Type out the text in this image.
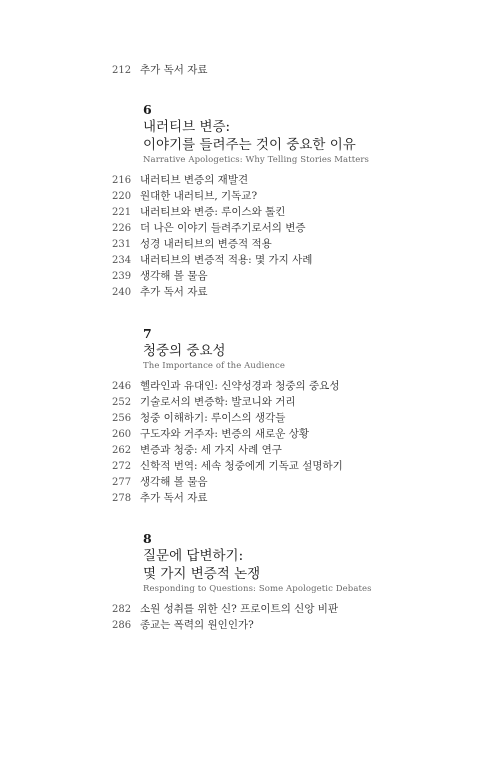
212 추가 독서 자료
6
내러티브 변증:
이야기를 들려주는 것이 중요한 이유
Narrative Apologetics: Why Telling Stories Matters
216 내러티브 변증의 재발견
220 원대한 내러티브, 기독교?
221 내러티브와 변증: 루이스와 톨킨
226 더 나은 이야기 들려주기로서의 변증
231 성경 내러티브의 변증적 적용
234 내러티브의 변증적 적용: 몇 가지 사례
239 생각해 볼 물음
240 추가 독서 자료
7
청중의 중요성
The Importance of the Audience
246 헬라인과 유대인: 신약성경과 청중의 중요성
252 기술로서의 변증학: 발코니와 거리
256 청중 이해하기: 루이스의 생각들
260 구도자와 거주자: 변증의 새로운 상황
262 변증과 청중: 세 가지 사례 연구
272 신학적 번역: 세속 청중에게 기독교 설명하기
277 생각해 볼 물음
278 추가 독서 자료
8
질문에 답변하기:
몇 가지 변증적 논쟁
Responding to Questions: Some Apologetic Debates
282 소원 성취를 위한 신? 프로이트의 신앙 비판
286 종교는 폭력의 원인인가?
